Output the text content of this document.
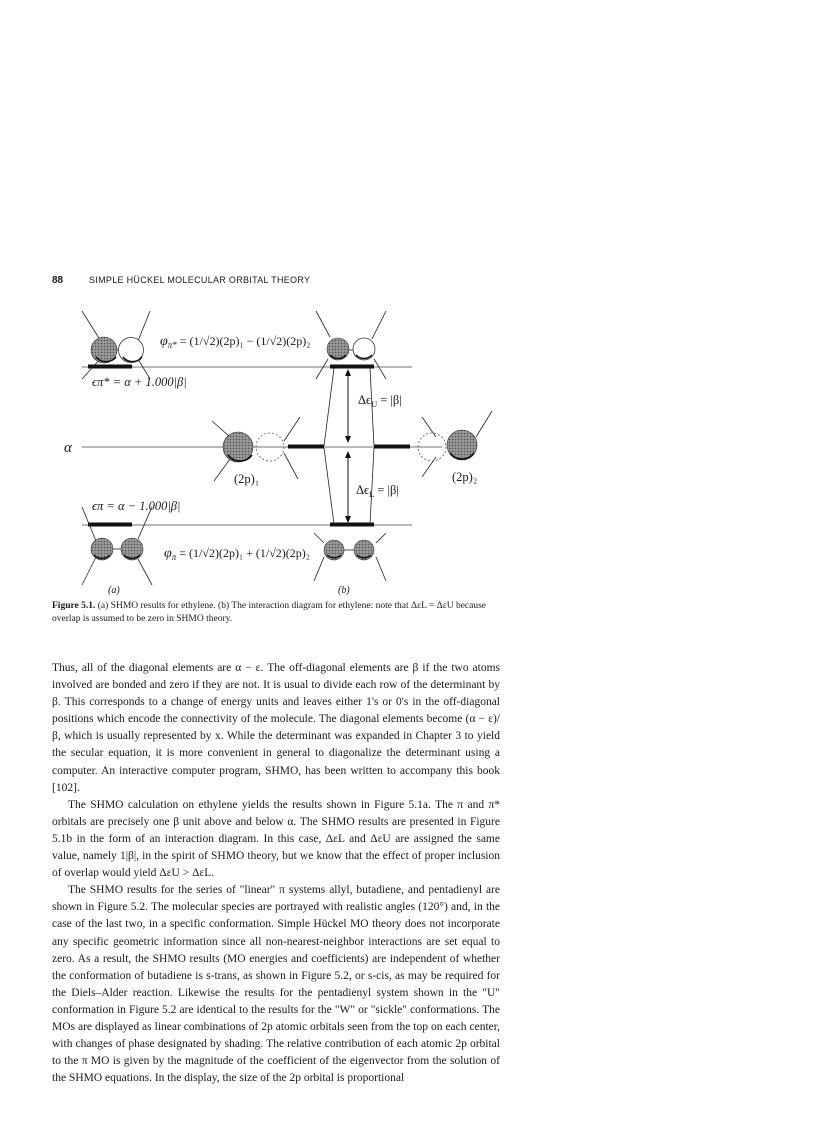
88	SIMPLE HÜCKEL MOLECULAR ORBITAL THEORY
$\varphi_{\pi*} = (1/√2)(2p)_1 - (1/√2)(2p)_2$
ϵπ* = α + 1.000|β|
α
$\Delta\epsilon_U = |\beta|$
(2p)₁	(2p)₂
$\Delta\epsilon_L = |\beta|$
ϵπ = α − 1.000|β|
$\varphi_\pi = (1/√2)(2p)_1 + (1/√2)(2p)_2$
(a)	(b)
Figure 5.1. (a) SHMO results for ethylene. (b) The interaction diagram for ethylene: note that ΔεL = ΔεU because overlap is assumed to be zero in SHMO theory.

Thus, all of the diagonal elements are α − ε. The off-diagonal elements are β if the two atoms involved are bonded and zero if they are not. It is usual to divide each row of the determinant by β. This corresponds to a change of energy units and leaves either 1's or 0's in the off-diagonal positions which encode the connectivity of the molecule. The diagonal elements become (α − ε)/β, which is usually represented by x. While the determinant was expanded in Chapter 3 to yield the secular equation, it is more convenient in general to diagonalize the determinant using a computer. An interactive computer program, SHMO, has been written to accompany this book [102].

The SHMO calculation on ethylene yields the results shown in Figure 5.1a. The π and π* orbitals are precisely one β unit above and below α. The SHMO results are presented in Figure 5.1b in the form of an interaction diagram. In this case, ΔεL and ΔεU are assigned the same value, namely 1|β|, in the spirit of SHMO theory, but we know that the effect of proper inclusion of overlap would yield ΔεU > ΔεL.

The SHMO results for the series of "linear" π systems allyl, butadiene, and pentadienyl are shown in Figure 5.2. The molecular species are portrayed with realistic angles (120°) and, in the case of the last two, in a specific conformation. Simple Hückel MO theory does not incorporate any specific geometric information since all non-nearest-neighbor interactions are set equal to zero. As a result, the SHMO results (MO energies and coefficients) are independent of whether the conformation of butadiene is s-trans, as shown in Figure 5.2, or s-cis, as may be required for the Diels–Alder reaction. Likewise the results for the pentadienyl system shown in the "U" conformation in Figure 5.2 are identical to the results for the "W" or "sickle" conformations. The MOs are displayed as linear combinations of 2p atomic orbitals seen from the top on each center, with changes of phase designated by shading. The relative contribution of each atomic 2p orbital to the π MO is given by the magnitude of the coefficient of the eigenvector from the solution of the SHMO equations. In the display, the size of the 2p orbital is proportional
